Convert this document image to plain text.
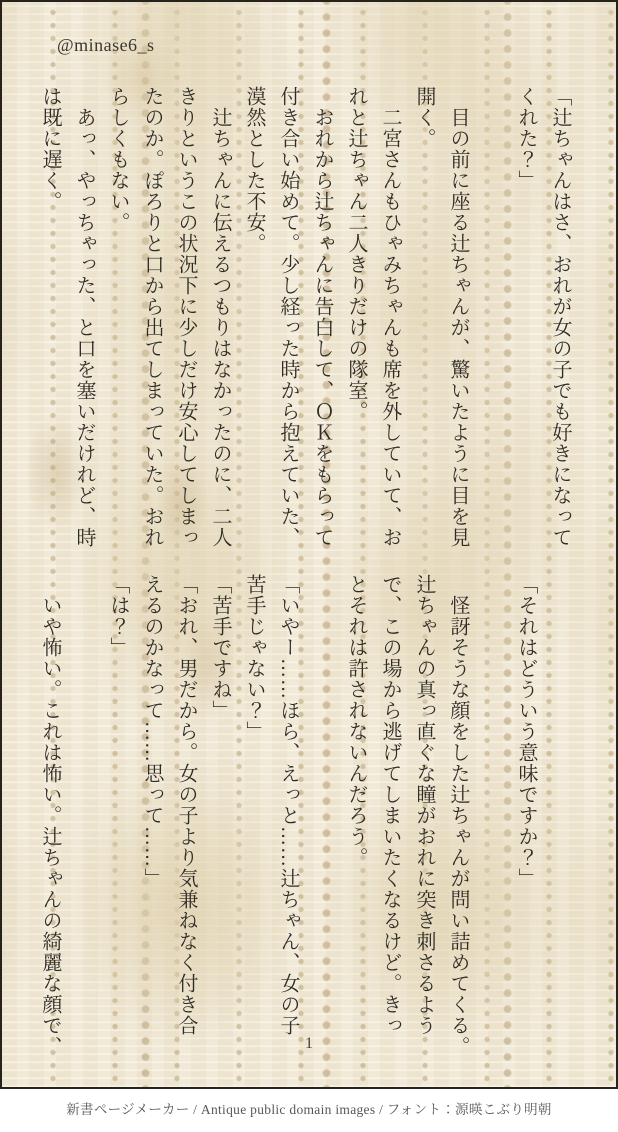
@minase6_s

「辻ちゃんはさ、おれが女の子でも好きになって

くれた？」

目の前に座る辻ちゃんが、驚いたように目を見

開く。

二宮さんもひゃみちゃんも席を外していて、お

れと辻ちゃん二人きりだけの隊室。

おれから辻ちゃんに告白して、ＯＫをもらって

付き合い始めて。少し経った時から抱えていた、

漠然とした不安。

辻ちゃんに伝えるつもりはなかったのに、二人

きりというこの状況下に少しだけ安心してしまっ

たのか。ぽろりと口から出てしまっていた。おれ

らしくもない。

あっ、やっちゃった、と口を塞いだけれど、時

は既に遅く。

「それはどういう意味ですか？」

怪訝そうな顔をした辻ちゃんが問い詰めてくる。

辻ちゃんの真っ直ぐな瞳がおれに突き刺さるよう

で、この場から逃げてしまいたくなるけど。きっ

とそれは許されないんだろう。

「いやー……ほら、えっと……辻ちゃん、女の子

苦手じゃない？」

「苦手ですね」

「おれ、男だから。女の子より気兼ねなく付き合

えるのかなって……思って……」

「は？」

いや怖い。これは怖い。辻ちゃんの綺麗な顔で、	1
新書ページメーカー / Antique public domain images / フォント：源暎こぶり明朝
